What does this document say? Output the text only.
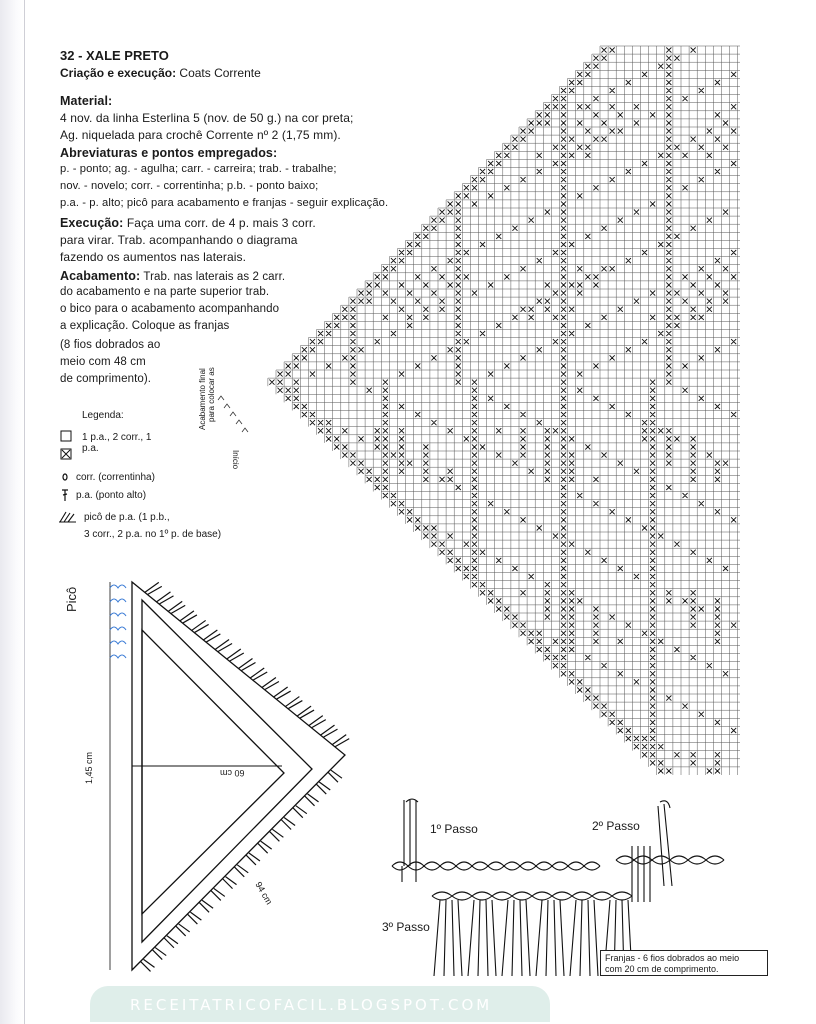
32 - XALE PRETO
Criação e execução: Coats Corrente
Material:
4 nov. da linha Esterlina 5 (nov. de 50 g.) na cor preta;
Ag. niquelada para crochê Corrente nº 2 (1,75 mm).
Abreviaturas e pontos empregados:
p. - ponto; ag. - agulha; carr. - carreira; trab. - trabalhe;
nov. - novelo; corr. - correntinha; p.b. - ponto baixo;
p.a. - p. alto; picô para acabamento e franjas - seguir explicação.
Execução: Faça uma corr. de 4 p. mais 3 corr.
para virar. Trab. acompanhando o diagrama
fazendo os aumentos nas laterais.
Acabamento: Trab. nas laterais as 2 carr.
do acabamento e na parte superior trab.
o bico para o acabamento acompanhando
a explicação. Coloque as franjas
(8 fios dobrados ao
meio com 48 cm
de comprimento).
Legenda:
1 p.a., 2 corr., 1
p.a.
corr. (correntinha)
p.a. (ponto alto)
picô de p.a. (1 p.b.,
3 corr., 2 p.a. no 1º p. de base)
Acabamento final para colocar as
Início
Picô
1,45 cm	60 cm
94 cm
1º Passo	2º Passo
3º Passo
Franjas - 6 fios dobrados ao meio
com 20 cm de comprimento.
RECEITATRICOFACIL.BLOGSPOT.COM
